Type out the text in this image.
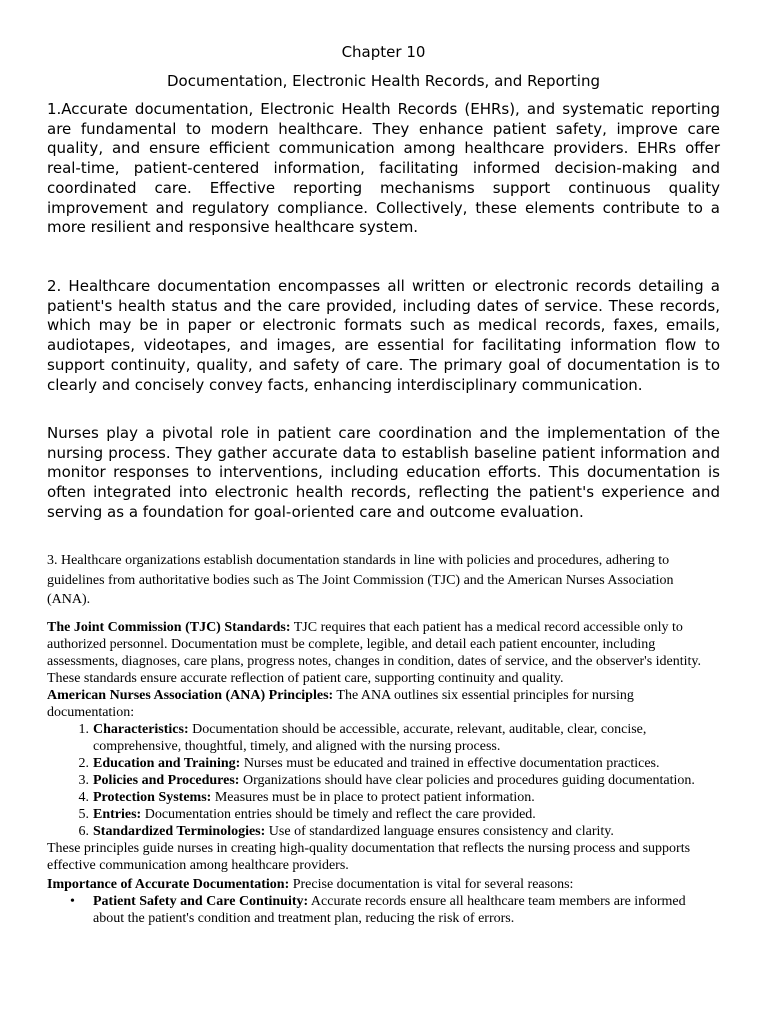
Chapter 10
Documentation, Electronic Health Records, and Reporting

1.Accurate documentation, Electronic Health Records (EHRs), and systematic reporting are fundamental to modern healthcare. They enhance patient safety, improve care quality, and ensure efficient communication among healthcare providers. EHRs offer real-time, patient-centered information, facilitating informed decision-making and coordinated care. Effective reporting mechanisms support continuous quality improvement and regulatory compliance. Collectively, these elements contribute to a more resilient and responsive healthcare system.

2. Healthcare documentation encompasses all written or electronic records detailing a patient's health status and the care provided, including dates of service. These records, which may be in paper or electronic formats such as medical records, faxes, emails, audiotapes, videotapes, and images, are essential for facilitating information flow to support continuity, quality, and safety of care. The primary goal of documentation is to clearly and concisely convey facts, enhancing interdisciplinary communication.

Nurses play a pivotal role in patient care coordination and the implementation of the nursing process. They gather accurate data to establish baseline patient information and monitor responses to interventions, including education efforts. This documentation is often integrated into electronic health records, reflecting the patient's experience and serving as a foundation for goal-oriented care and outcome evaluation.

3. Healthcare organizations establish documentation standards in line with policies and procedures, adhering to guidelines from authoritative bodies such as The Joint Commission (TJC) and the American Nurses Association (ANA).

The Joint Commission (TJC) Standards: TJC requires that each patient has a medical record accessible only to authorized personnel. Documentation must be complete, legible, and detail each patient encounter, including assessments, diagnoses, care plans, progress notes, changes in condition, dates of service, and the observer's identity. These standards ensure accurate reflection of patient care, supporting continuity and quality.

American Nurses Association (ANA) Principles: The ANA outlines six essential principles for nursing documentation:

1. Characteristics: Documentation should be accessible, accurate, relevant, auditable, clear, concise, comprehensive, thoughtful, timely, and aligned with the nursing process.
2. Education and Training: Nurses must be educated and trained in effective documentation practices.
3. Policies and Procedures: Organizations should have clear policies and procedures guiding documentation.
4. Protection Systems: Measures must be in place to protect patient information.
5. Entries: Documentation entries should be timely and reflect the care provided.
6. Standardized Terminologies: Use of standardized language ensures consistency and clarity.

These principles guide nurses in creating high-quality documentation that reflects the nursing process and supports effective communication among healthcare providers.

Importance of Accurate Documentation: Precise documentation is vital for several reasons:

• Patient Safety and Care Continuity: Accurate records ensure all healthcare team members are informed about the patient's condition and treatment plan, reducing the risk of errors.
